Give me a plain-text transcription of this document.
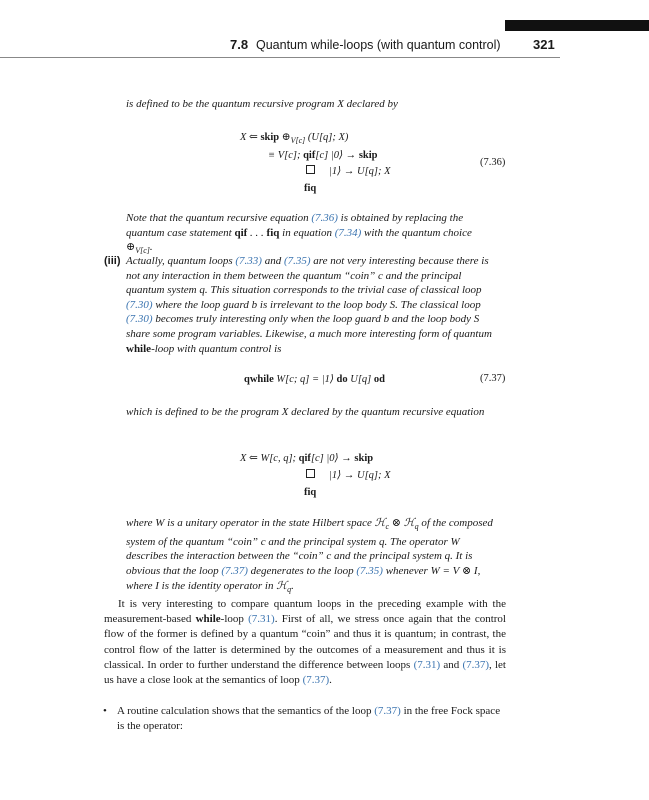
7.8 Quantum while-loops (with quantum control) 321
is defined to be the quantum recursive program X declared by
X ⇐ skip $\oplus_{V[c]}$ (U[q]; X)
≡ V[c]; qif[c] |0⟩ → skip
|1⟩ → U[q]; X
fiq
(7.36)
Note that the quantum recursive equation (7.36) is obtained by replacing the quantum case statement qif . . . fiq in equation (7.34) with the quantum choice $\oplus_{V[c]}$.
(iii) Actually, quantum loops (7.33) and (7.35) are not very interesting because there is not any interaction in them between the quantum “coin” c and the principal quantum system q. This situation corresponds to the trivial case of classical loop (7.30) where the loop guard b is irrelevant to the loop body S. The classical loop (7.30) becomes truly interesting only when the loop guard b and the loop body S share some program variables. Likewise, a much more interesting form of quantum while-loop with quantum control is
qwhile W[c; q] = |1⟩ do U[q] od	(7.37)
which is defined to be the program X declared by the quantum recursive equation
X ⇐ W[c, q]; qif[c] |0⟩ → skip
|1⟩ → U[q]; X
fiq
where W is a unitary operator in the state Hilbert space ℋ$_c$ ⊗ ℋ$_q$ of the composed system of the quantum “coin” c and the principal system q. The operator W describes the interaction between the “coin” c and the principal system q. It is obvious that the loop (7.37) degenerates to the loop (7.35) whenever W = V ⊗ I, where I is the identity operator in ℋ$_q$.
It is very interesting to compare quantum loops in the preceding example with the measurement-based while-loop (7.31). First of all, we stress once again that the control flow of the former is defined by a quantum “coin” and thus it is quantum; in contrast, the control flow of the latter is determined by the outcomes of a measurement and thus it is classical. In order to further understand the difference between loops (7.31) and (7.37), let us have a close look at the semantics of loop (7.37).
• A routine calculation shows that the semantics of the loop (7.37) in the free Fock space is the operator:
